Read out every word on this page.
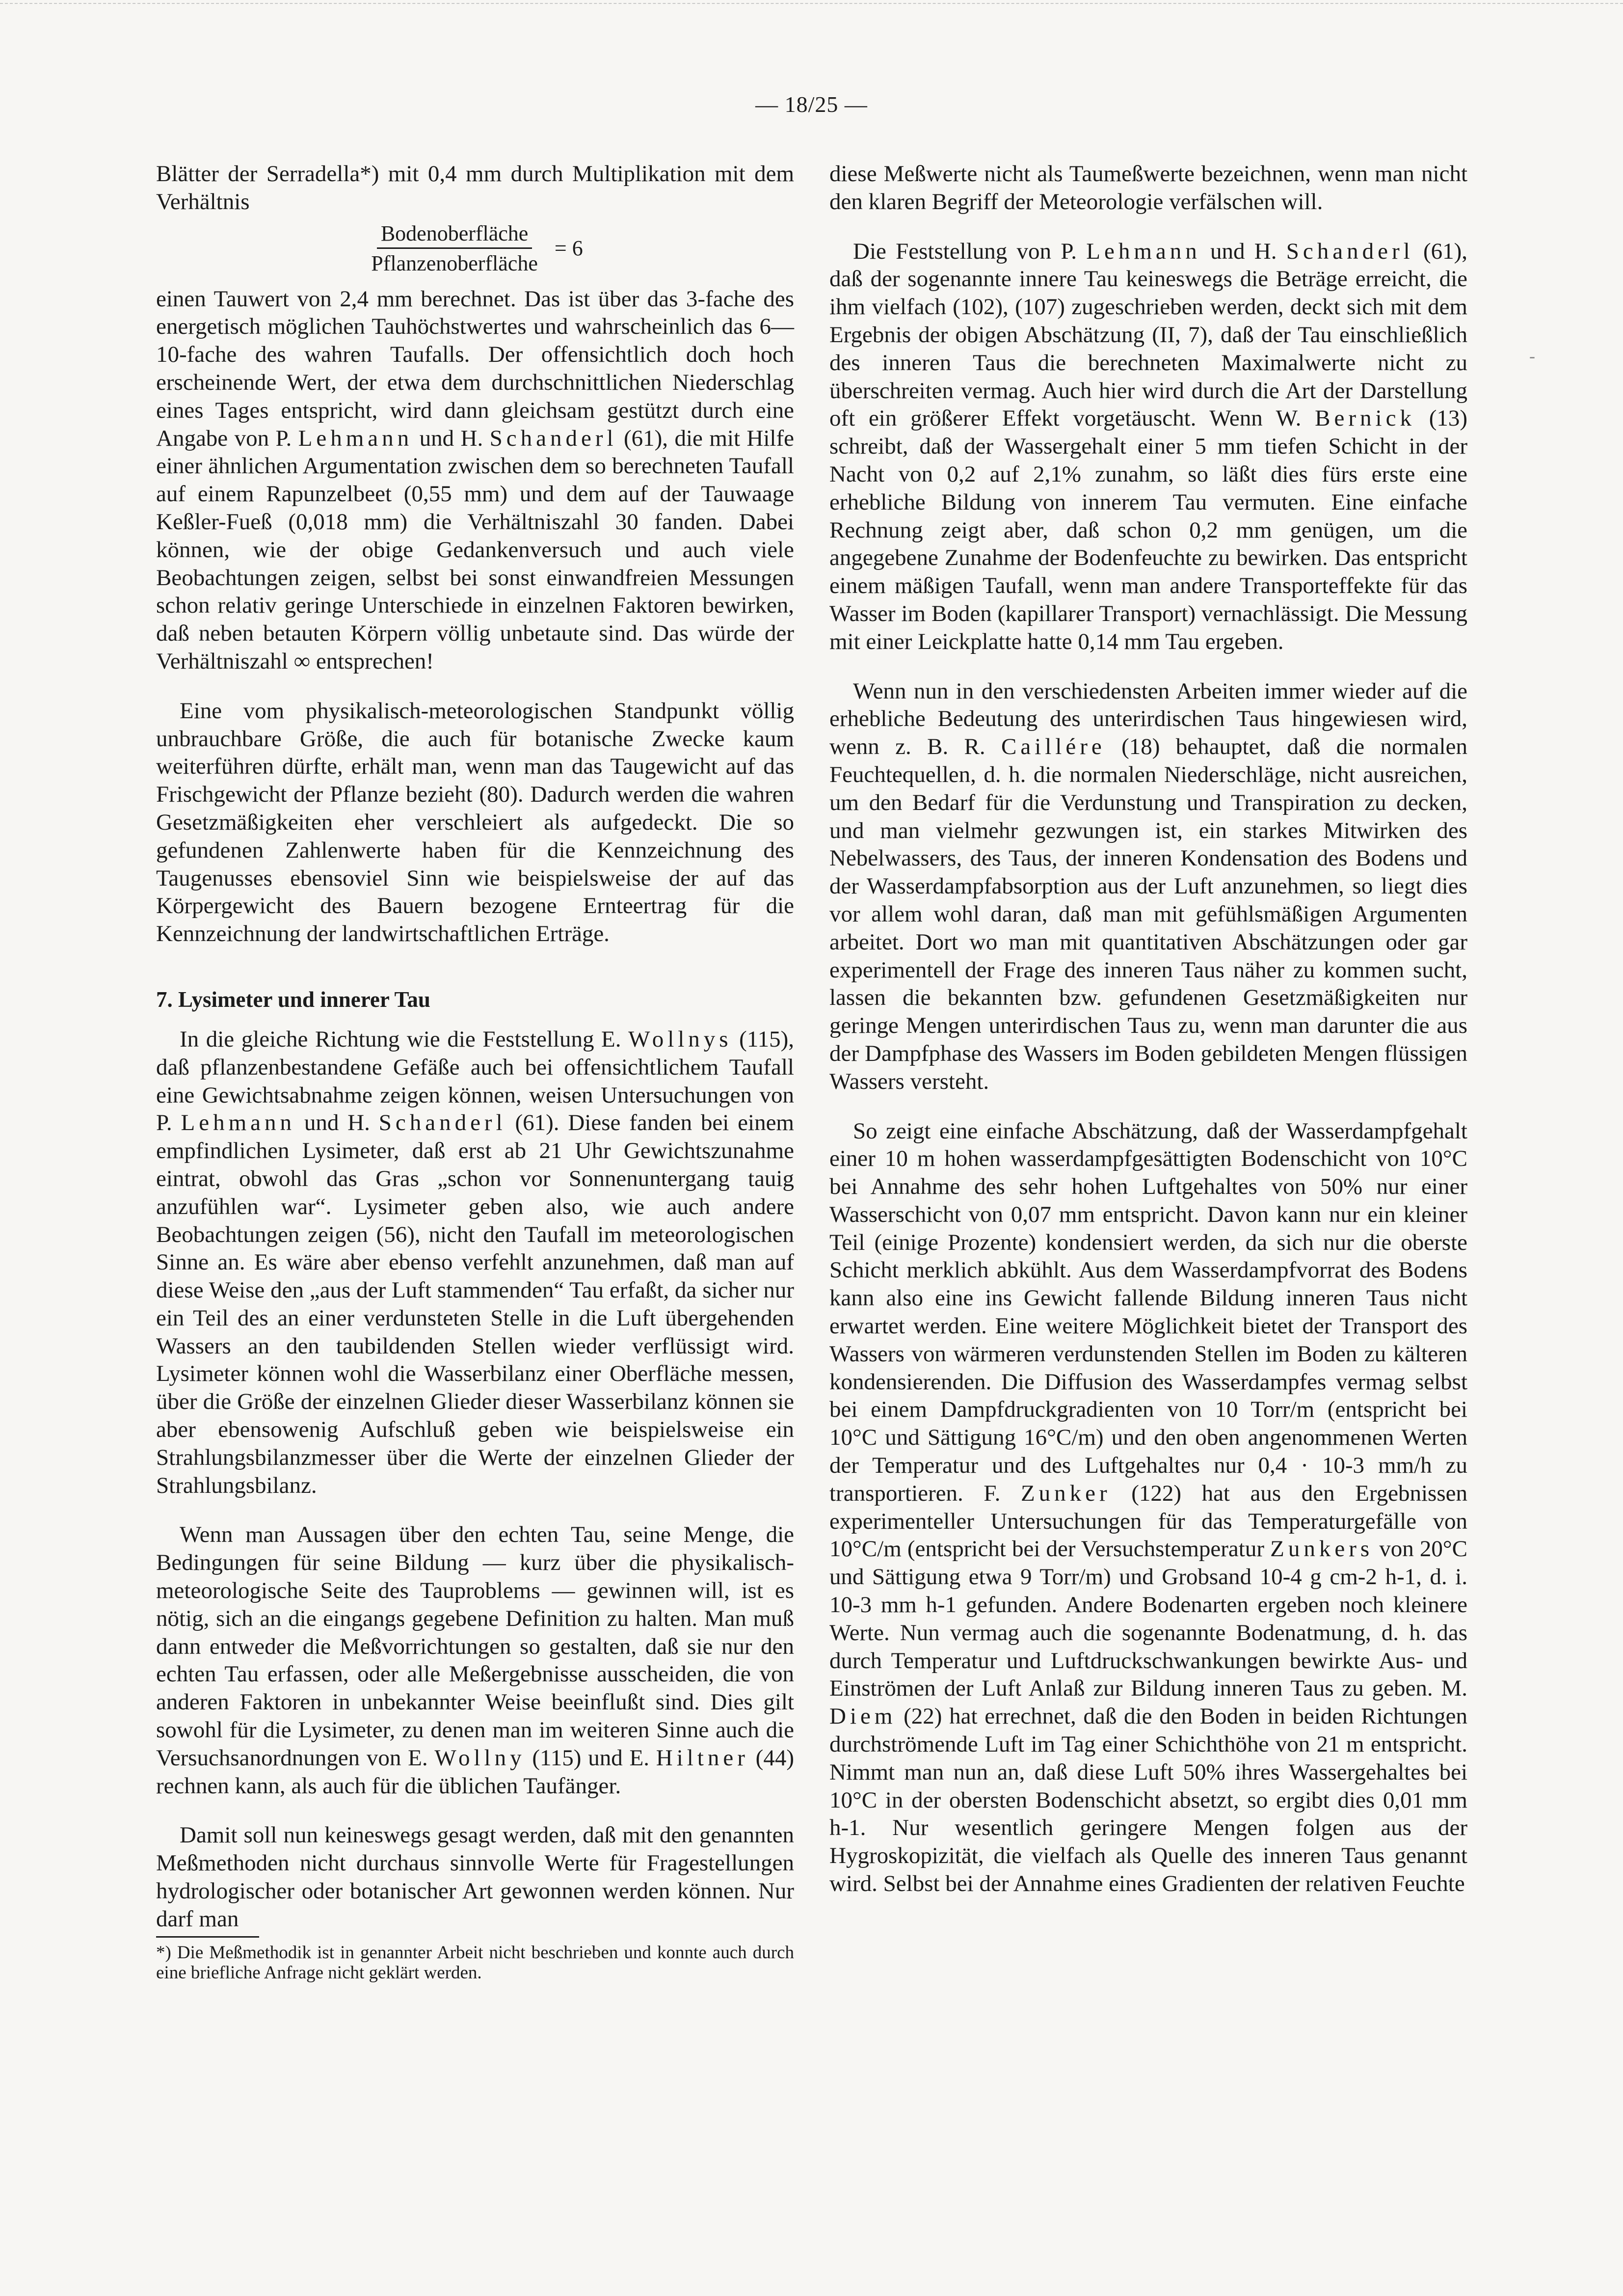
— 18/25 —
-

Blätter der Serradella*) mit 0,4 mm durch Multiplikation mit dem Verhältnis

$\frac{\text{Bodenoberfläche}}{\text{Pflanzenoberfläche}} = 6$

einen Tauwert von 2,4 mm berechnet. Das ist über das 3-fache des energetisch möglichen Tauhöchstwertes und wahrscheinlich das 6—10-fache des wahren Taufalls. Der offensichtlich doch hoch erscheinende Wert, der etwa dem durchschnittlichen Niederschlag eines Tages entspricht, wird dann gleichsam gestützt durch eine Angabe von P. Lehmann und H. Schanderl (61), die mit Hilfe einer ähnlichen Argumentation zwischen dem so berechneten Taufall auf einem Rapunzelbeet (0,55 mm) und dem auf der Tauwaage Keßler-Fueß (0,018 mm) die Verhältniszahl 30 fanden. Dabei können, wie der obige Gedankenversuch und auch viele Beobachtungen zeigen, selbst bei sonst einwandfreien Messungen schon relativ geringe Unterschiede in einzelnen Faktoren bewirken, daß neben betauten Körpern völlig unbetaute sind. Das würde der Verhältniszahl ∞ entsprechen!

Eine vom physikalisch-meteorologischen Standpunkt völlig unbrauchbare Größe, die auch für botanische Zwecke kaum weiterführen dürfte, erhält man, wenn man das Taugewicht auf das Frischgewicht der Pflanze bezieht (80). Dadurch werden die wahren Gesetzmäßigkeiten eher verschleiert als aufgedeckt. Die so gefundenen Zahlenwerte haben für die Kennzeichnung des Taugenusses ebensoviel Sinn wie beispielsweise der auf das Körpergewicht des Bauern bezogene Ernteertrag für die Kennzeichnung der landwirtschaftlichen Erträge.

7. Lysimeter und innerer Tau

In die gleiche Richtung wie die Feststellung E. Wollnys (115), daß pflanzenbestandene Gefäße auch bei offensichtlichem Taufall eine Gewichtsabnahme zeigen können, weisen Untersuchungen von P. Lehmann und H. Schanderl (61). Diese fanden bei einem empfindlichen Lysimeter, daß erst ab 21 Uhr Gewichtszunahme eintrat, obwohl das Gras „schon vor Sonnenuntergang tauig anzufühlen war“. Lysimeter geben also, wie auch andere Beobachtungen zeigen (56), nicht den Taufall im meteorologischen Sinne an. Es wäre aber ebenso verfehlt anzunehmen, daß man auf diese Weise den „aus der Luft stammenden“ Tau erfaßt, da sicher nur ein Teil des an einer verdunsteten Stelle in die Luft übergehenden Wassers an den taubildenden Stellen wieder verflüssigt wird. Lysimeter können wohl die Wasserbilanz einer Oberfläche messen, über die Größe der einzelnen Glieder dieser Wasserbilanz können sie aber ebensowenig Aufschluß geben wie beispielsweise ein Strahlungsbilanzmesser über die Werte der einzelnen Glieder der Strahlungsbilanz.

Wenn man Aussagen über den echten Tau, seine Menge, die Bedingungen für seine Bildung — kurz über die physikalisch-meteorologische Seite des Tauproblems — gewinnen will, ist es nötig, sich an die eingangs gegebene Definition zu halten. Man muß dann entweder die Meßvorrichtungen so gestalten, daß sie nur den echten Tau erfassen, oder alle Meßergebnisse ausscheiden, die von anderen Faktoren in unbekannter Weise beeinflußt sind. Dies gilt sowohl für die Lysimeter, zu denen man im weiteren Sinne auch die Versuchsanordnungen von E. Wollny (115) und E. Hiltner (44) rechnen kann, als auch für die üblichen Taufänger.

Damit soll nun keineswegs gesagt werden, daß mit den genannten Meßmethoden nicht durchaus sinnvolle Werte für Fragestellungen hydrologischer oder botanischer Art gewonnen werden können. Nur darf man

*) Die Meßmethodik ist in genannter Arbeit nicht beschrieben und konnte auch durch eine briefliche Anfrage nicht geklärt werden.

diese Meßwerte nicht als Taumeßwerte bezeichnen, wenn man nicht den klaren Begriff der Meteorologie verfälschen will.

Die Feststellung von P. Lehmann und H. Schanderl (61), daß der sogenannte innere Tau keineswegs die Beträge erreicht, die ihm vielfach (102), (107) zugeschrieben werden, deckt sich mit dem Ergebnis der obigen Abschätzung (II, 7), daß der Tau einschließlich des inneren Taus die berechneten Maximalwerte nicht zu überschreiten vermag. Auch hier wird durch die Art der Darstellung oft ein größerer Effekt vorgetäuscht. Wenn W. Bernick (13) schreibt, daß der Wassergehalt einer 5 mm tiefen Schicht in der Nacht von 0,2 auf 2,1% zunahm, so läßt dies fürs erste eine erhebliche Bildung von innerem Tau vermuten. Eine einfache Rechnung zeigt aber, daß schon 0,2 mm genügen, um die angegebene Zunahme der Bodenfeuchte zu bewirken. Das entspricht einem mäßigen Taufall, wenn man andere Transporteffekte für das Wasser im Boden (kapillarer Transport) vernachlässigt. Die Messung mit einer Leickplatte hatte 0,14 mm Tau ergeben.

Wenn nun in den verschiedensten Arbeiten immer wieder auf die erhebliche Bedeutung des unterirdischen Taus hingewiesen wird, wenn z. B. R. Caillére (18) behauptet, daß die normalen Feuchtequellen, d. h. die normalen Niederschläge, nicht ausreichen, um den Bedarf für die Verdunstung und Transpiration zu decken, und man vielmehr gezwungen ist, ein starkes Mitwirken des Nebelwassers, des Taus, der inneren Kondensation des Bodens und der Wasserdampfabsorption aus der Luft anzunehmen, so liegt dies vor allem wohl daran, daß man mit gefühlsmäßigen Argumenten arbeitet. Dort wo man mit quantitativen Abschätzungen oder gar experimentell der Frage des inneren Taus näher zu kommen sucht, lassen die bekannten bzw. gefundenen Gesetzmäßigkeiten nur geringe Mengen unterirdischen Taus zu, wenn man darunter die aus der Dampfphase des Wassers im Boden gebildeten Mengen flüssigen Wassers versteht.

So zeigt eine einfache Abschätzung, daß der Wasserdampfgehalt einer 10 m hohen wasserdampfgesättigten Bodenschicht von 10°C bei Annahme des sehr hohen Luftgehaltes von 50% nur einer Wasserschicht von 0,07 mm entspricht. Davon kann nur ein kleiner Teil (einige Prozente) kondensiert werden, da sich nur die oberste Schicht merklich abkühlt. Aus dem Wasserdampfvorrat des Bodens kann also eine ins Gewicht fallende Bildung inneren Taus nicht erwartet werden. Eine weitere Möglichkeit bietet der Transport des Wassers von wärmeren verdunstenden Stellen im Boden zu kälteren kondensierenden. Die Diffusion des Wasserdampfes vermag selbst bei einem Dampfdruckgradienten von 10 Torr/m (entspricht bei 10°C und Sättigung 16°C/m) und den oben angenommenen Werten der Temperatur und des Luftgehaltes nur 0,4 · 10-3 mm/h zu transportieren. F. Zunker (122) hat aus den Ergebnissen experimenteller Untersuchungen für das Temperaturgefälle von 10°C/m (entspricht bei der Versuchstemperatur Zunkers von 20°C und Sättigung etwa 9 Torr/m) und Grobsand 10-4 g cm-2 h-1, d. i. 10-3 mm h-1 gefunden. Andere Bodenarten ergeben noch kleinere Werte. Nun vermag auch die sogenannte Bodenatmung, d. h. das durch Temperatur und Luftdruckschwankungen bewirkte Aus- und Einströmen der Luft Anlaß zur Bildung inneren Taus zu geben. M. Diem (22) hat errechnet, daß die den Boden in beiden Richtungen durchströmende Luft im Tag einer Schichthöhe von 21 m entspricht. Nimmt man nun an, daß diese Luft 50% ihres Wassergehaltes bei 10°C in der obersten Bodenschicht absetzt, so ergibt dies 0,01 mm h-1. Nur wesentlich geringere Mengen folgen aus der Hygroskopizität, die vielfach als Quelle des inneren Taus genannt wird. Selbst bei der Annahme eines Gradienten der relativen Feuchte
